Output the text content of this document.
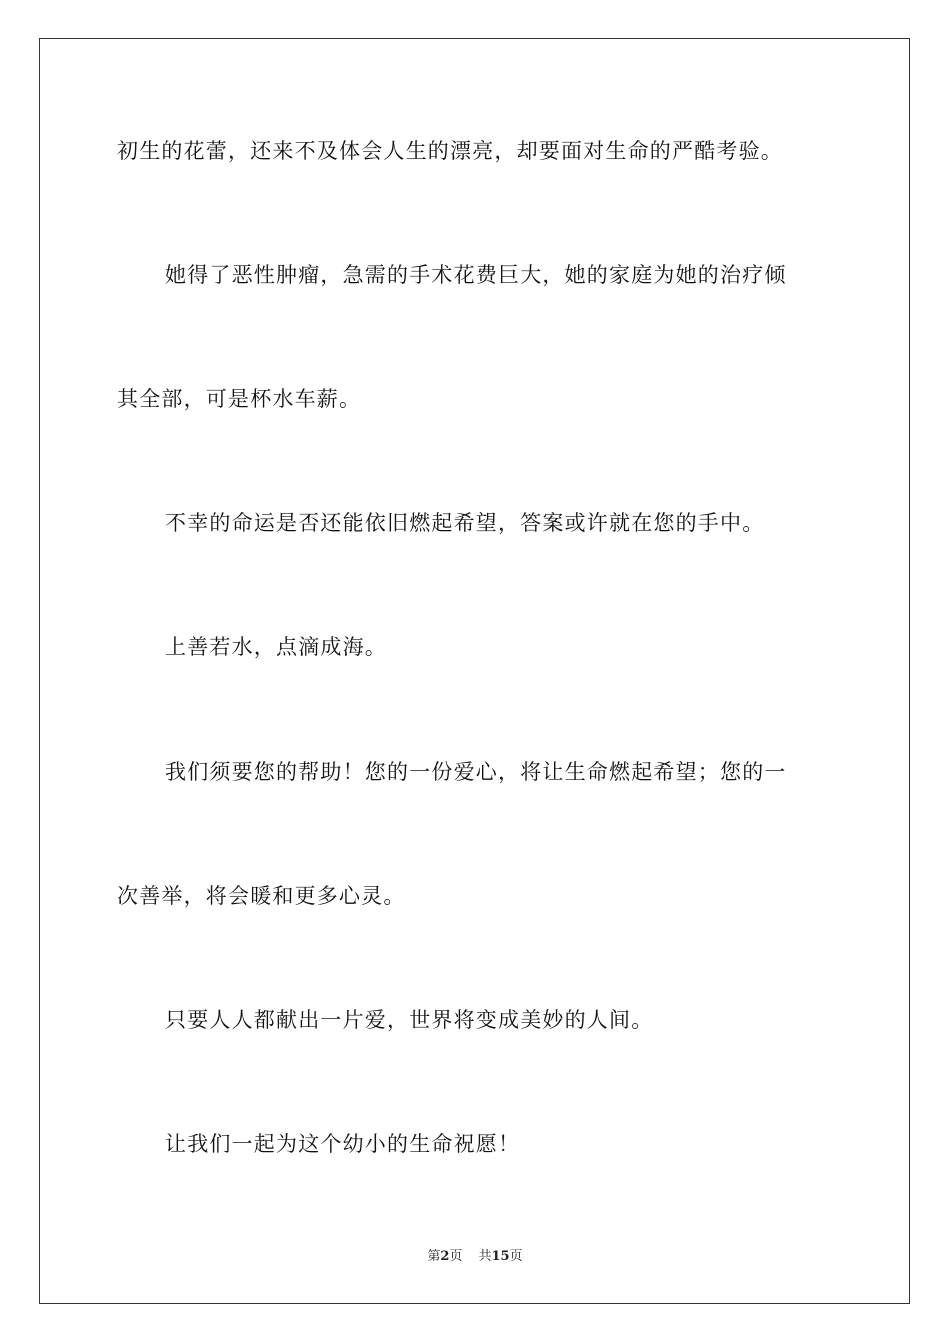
初生的花蕾，还来不及体会人生的漂亮，却要面对生命的严酷考验。
她得了恶性肿瘤，急需的手术花费巨大，她的家庭为她的治疗倾
其全部，可是杯水车薪。
不幸的命运是否还能依旧燃起希望，答案或许就在您的手中。
上善若水，点滴成海。
我们须要您的帮助！您的一份爱心，将让生命燃起希望；您的一
次善举，将会暖和更多心灵。
只要人人都献出一片爱，世界将变成美妙的人间。
让我们一起为这个幼小的生命祝愿！
第2页 共15页
